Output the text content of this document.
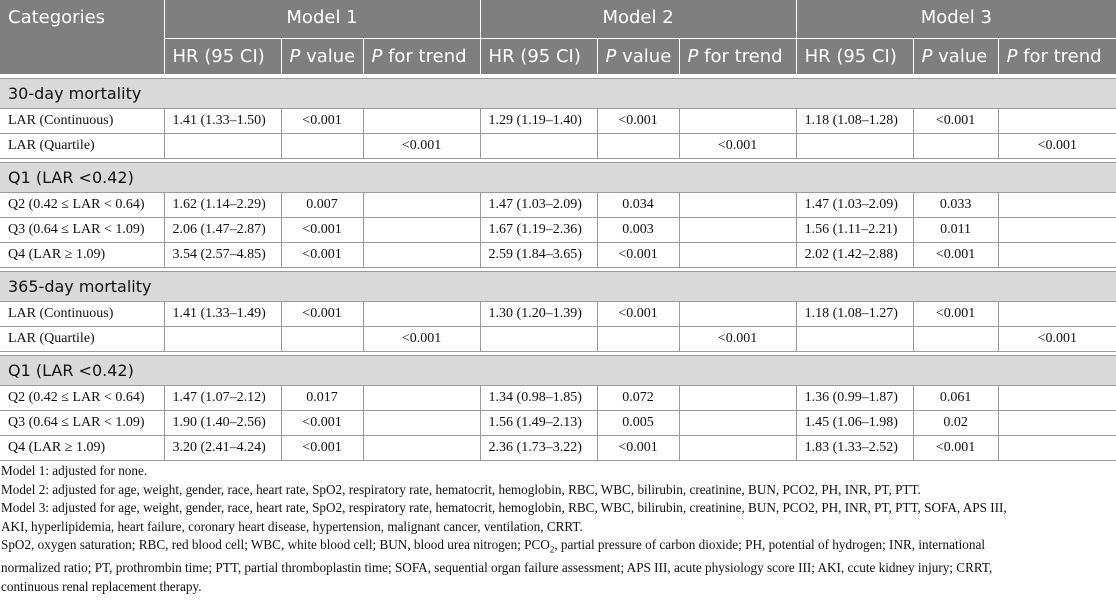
Categories	Model 1			Model 2			Model 3		
	HR (95 CI)	P value	P for trend	HR (95 CI)	P value	P for trend	HR (95 CI)	P value	P for trend

30-day mortality									
LAR (Continuous)	1.41 (1.33–1.50)	<0.001		1.29 (1.19–1.40)	<0.001		1.18 (1.08–1.28)	<0.001	
LAR (Quartile)			<0.001			<0.001			<0.001

Q1 (LAR <0.42)									
Q2 (0.42 ≤ LAR < 0.64)	1.62 (1.14–2.29)	0.007		1.47 (1.03–2.09)	0.034		1.47 (1.03–2.09)	0.033	
Q3 (0.64 ≤ LAR < 1.09)	2.06 (1.47–2.87)	<0.001		1.67 (1.19–2.36)	0.003		1.56 (1.11–2.21)	0.011	
Q4 (LAR ≥ 1.09)	3.54 (2.57–4.85)	<0.001		2.59 (1.84–3.65)	<0.001		2.02 (1.42–2.88)	<0.001	

365-day mortality									
LAR (Continuous)	1.41 (1.33–1.49)	<0.001		1.30 (1.20–1.39)	<0.001		1.18 (1.08–1.27)	<0.001	
LAR (Quartile)			<0.001			<0.001			<0.001

Q1 (LAR <0.42)									
Q2 (0.42 ≤ LAR < 0.64)	1.47 (1.07–2.12)	0.017		1.34 (0.98–1.85)	0.072		1.36 (0.99–1.87)	0.061	
Q3 (0.64 ≤ LAR < 1.09)	1.90 (1.40–2.56)	<0.001		1.56 (1.49–2.13)	0.005		1.45 (1.06–1.98)	0.02	
Q4 (LAR ≥ 1.09)	3.20 (2.41–4.24)	<0.001		2.36 (1.73–3.22)	<0.001		1.83 (1.33–2.52)	<0.001	

Model 1: adjusted for none.

Model 2: adjusted for age, weight, gender, race, heart rate, SpO2, respiratory rate, hematocrit, hemoglobin, RBC, WBC, bilirubin, creatinine, BUN, PCO2, PH, INR, PT, PTT.

Model 3: adjusted for age, weight, gender, race, heart rate, SpO2, respiratory rate, hematocrit, hemoglobin, RBC, WBC, bilirubin, creatinine, BUN, PCO2, PH, INR, PT, PTT, SOFA, APS III,

AKI, hyperlipidemia, heart failure, coronary heart disease, hypertension, malignant cancer, ventilation, CRRT.

SpO2, oxygen saturation; RBC, red blood cell; WBC, white blood cell; BUN, blood urea nitrogen; $PCO_2$, partial pressure of carbon dioxide; PH, potential of hydrogen; INR, international

normalized ratio; PT, prothrombin time; PTT, partial thromboplastin time; SOFA, sequential organ failure assessment; APS III, acute physiology score III; AKI, ccute kidney injury; CRRT,

continuous renal replacement therapy.
